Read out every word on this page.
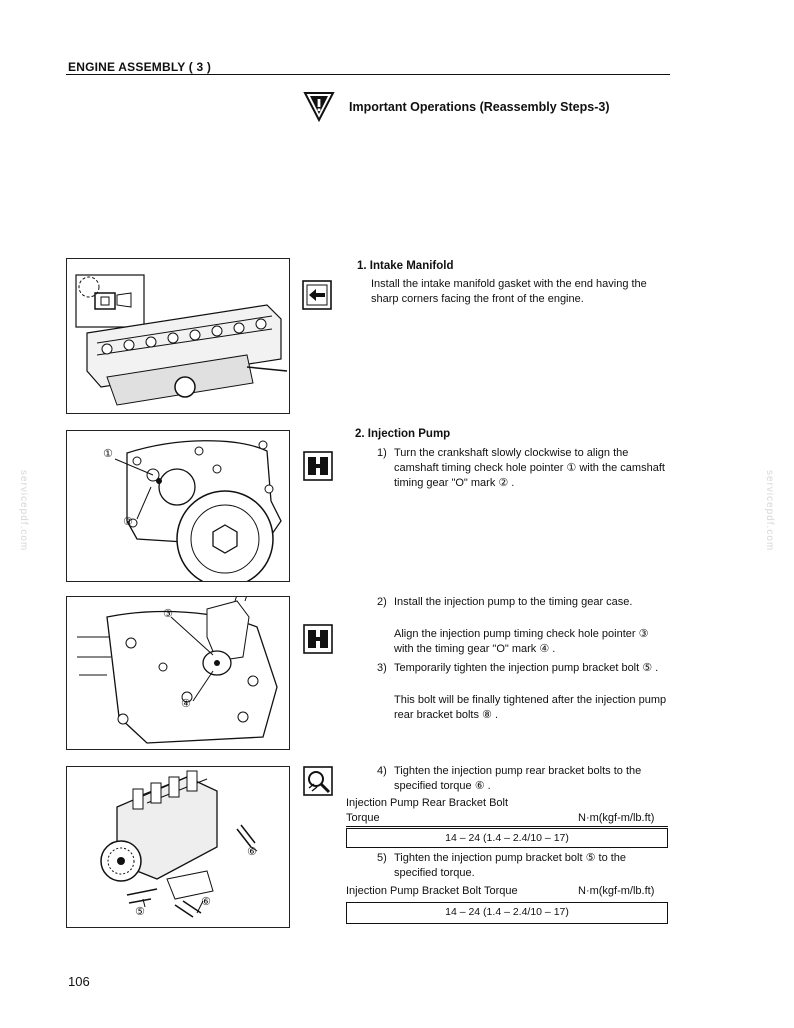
ENGINE ASSEMBLY ( 3 )
Important Operations (Reassembly Steps-3)
servicepdf.com	servicepdf.com
1. Intake Manifold
Install the intake manifold gasket with the end having the sharp corners facing the front of the engine.
①
②
2. Injection Pump
1) Turn the crankshaft slowly clockwise to align the camshaft timing check hole pointer ① with the camshaft timing gear "O" mark ② .
③
④
2) Install the injection pump to the timing gear case.
Align the injection pump timing check hole pointer ③ with the timing gear "O" mark ④ .
3) Temporarily tighten the injection pump bracket bolt ⑤ .
This bolt will be finally tightened after the injection pump rear bracket bolts ⑧ .
⑥
⑤
⑥
4) Tighten the injection pump rear bracket bolts to the specified torque ⑥ .
Injection Pump Rear Bracket Bolt
Torque	N·m(kgf-m/lb.ft)
14 – 24 (1.4 – 2.4/10 – 17)
5) Tighten the injection pump bracket bolt ⑤ to the specified torque.
Injection Pump Bracket Bolt Torque	N·m(kgf-m/lb.ft)
14 – 24 (1.4 – 2.4/10 – 17)
106
